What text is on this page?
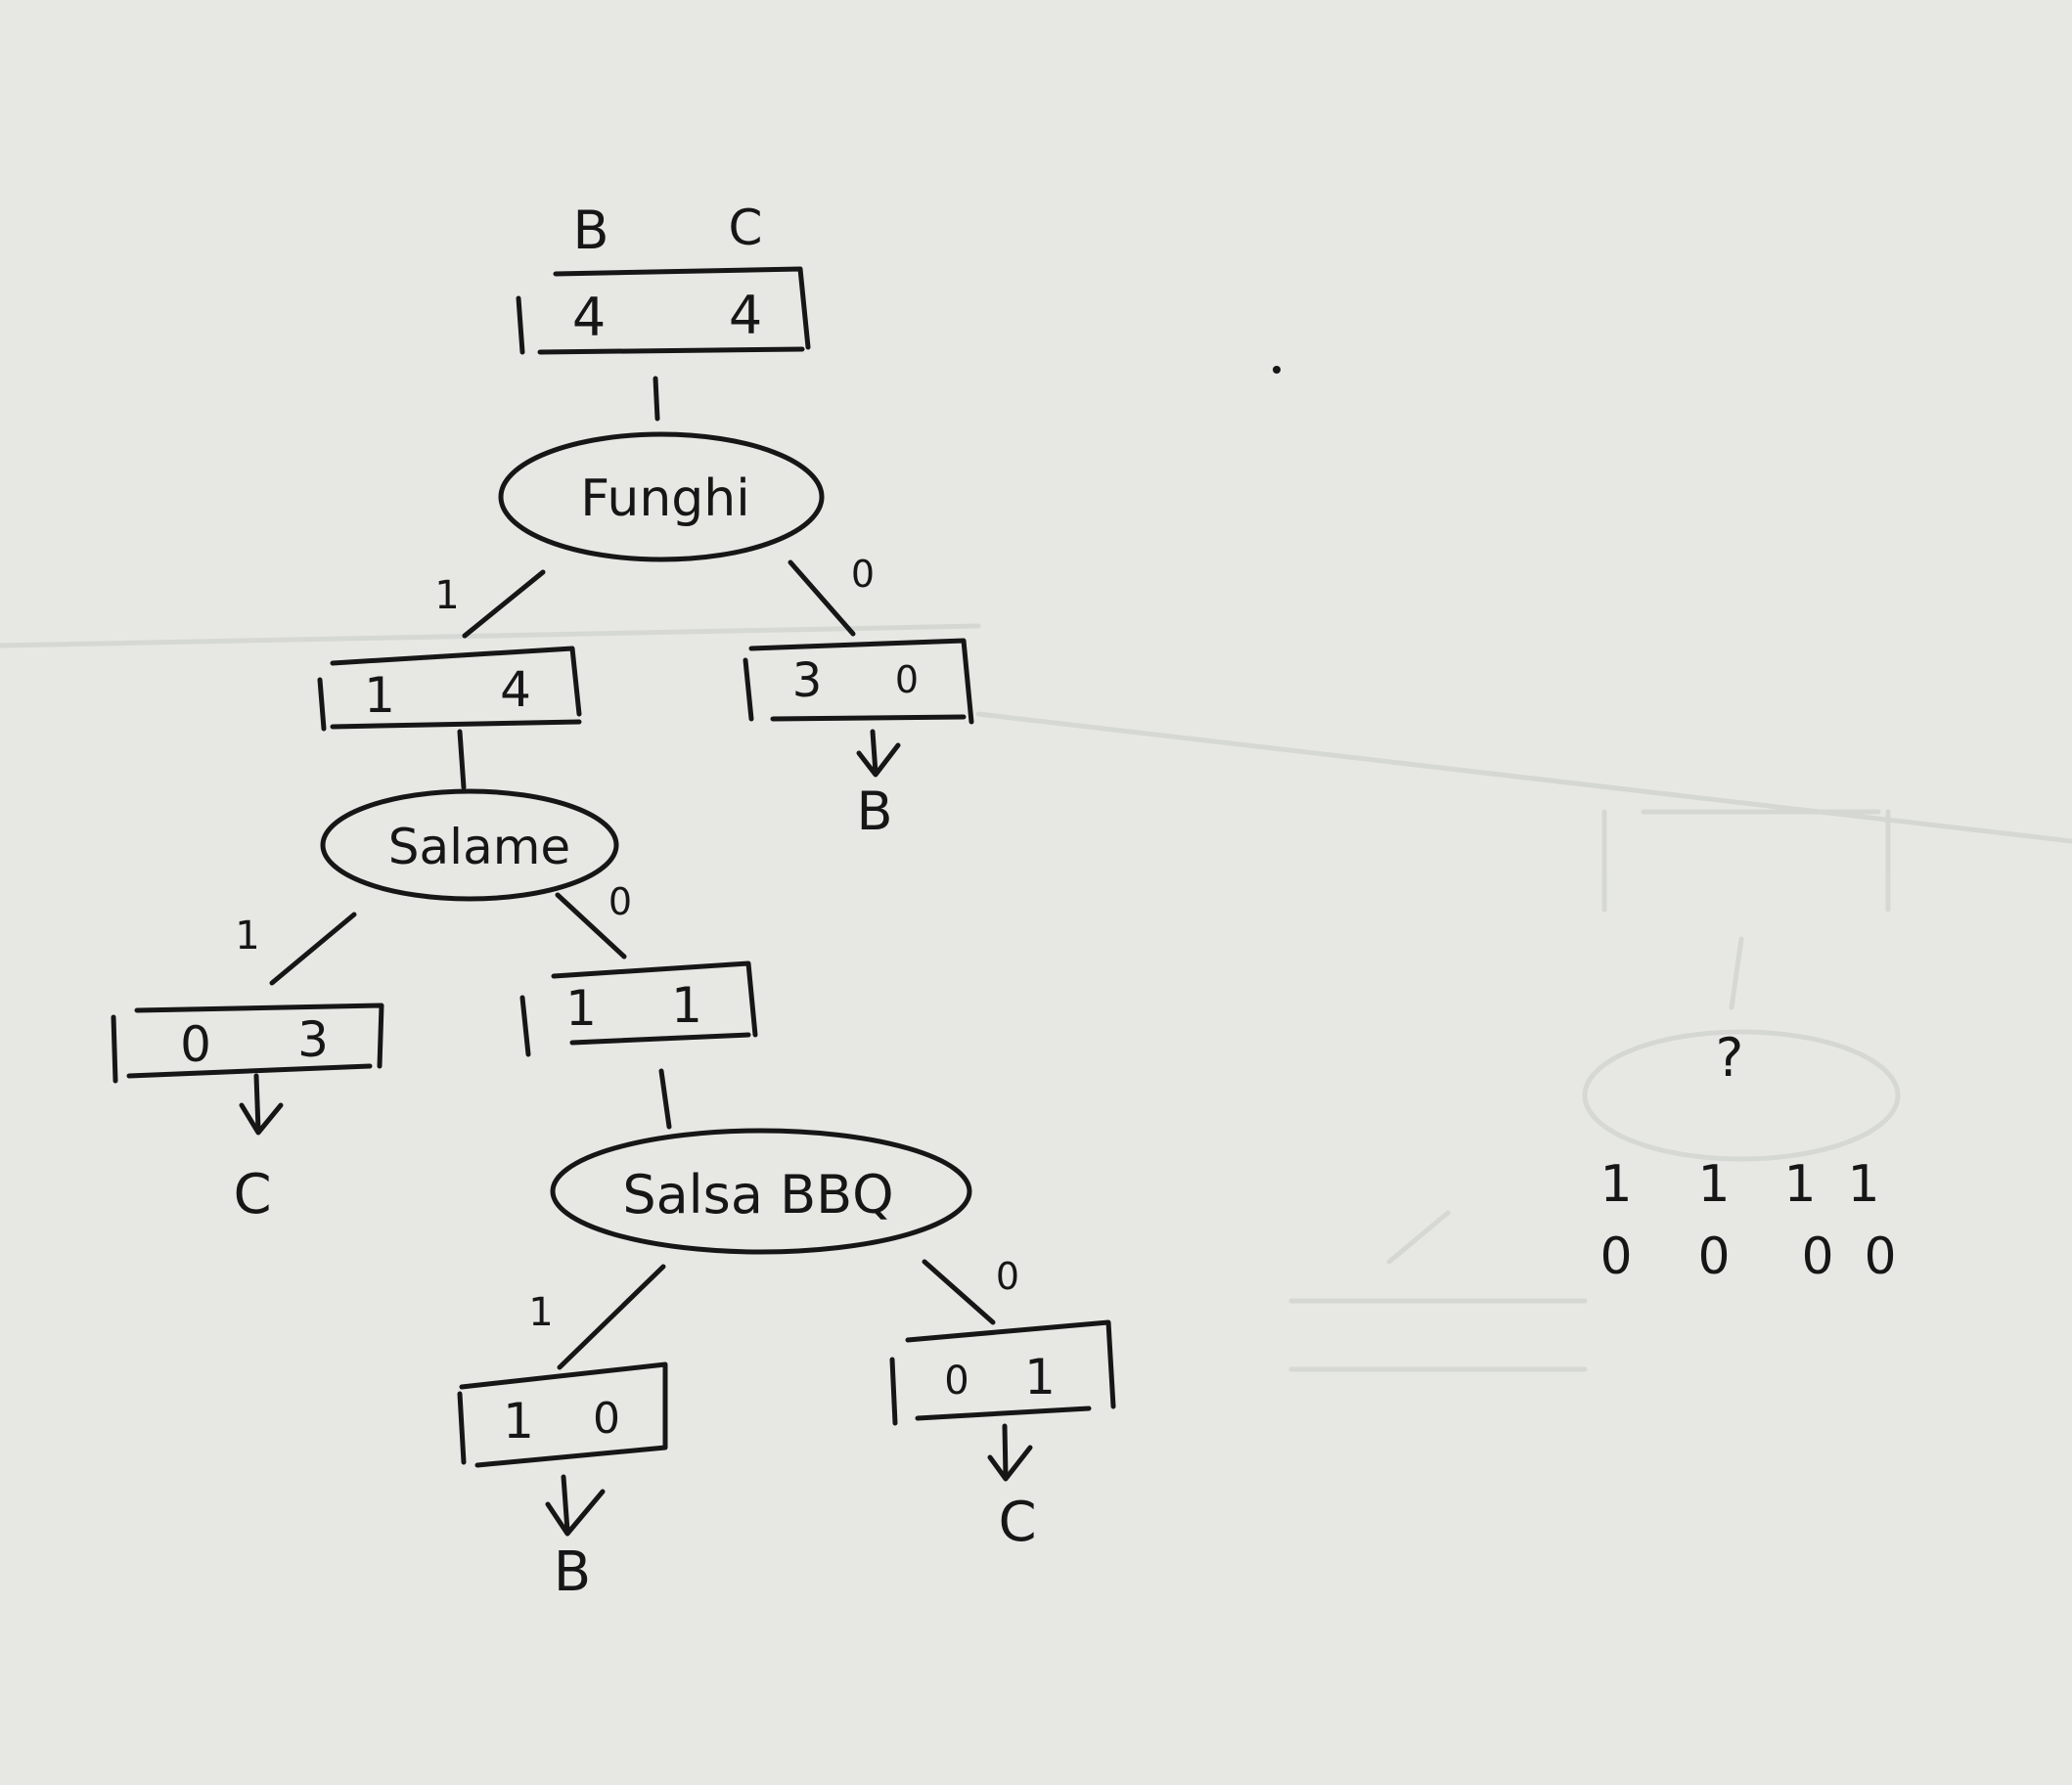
B C
4 4
Funghi
1	0
1 4	3 0
B
Salame
1
0
0 3
C
1 1
Salsa BBQ
1
0
1 0
B
0 1
C
?
1 1 1 1
0 0 0 0
